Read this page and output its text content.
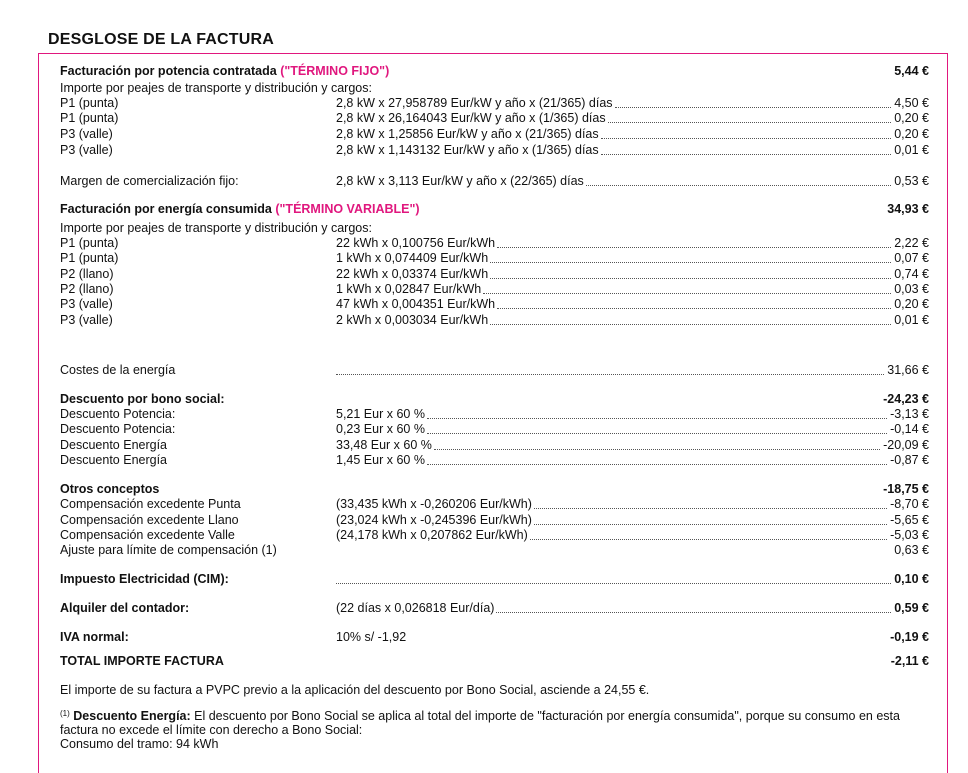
DESGLOSE DE LA FACTURA
Facturación por potencia contratada ("TÉRMINO FIJO")	5,44 €
Importe por peajes de transporte y distribución y cargos:
P1 (punta)	2,8 kW x 27,958789 Eur/kW y año x (21/365) días	4,50 €
P1 (punta)	2,8 kW x 26,164043 Eur/kW y año x (1/365) días	0,20 €
P3 (valle)	2,8 kW x 1,25856 Eur/kW y año x (21/365) días	0,20 €
P3 (valle)	2,8 kW x 1,143132 Eur/kW y año x (1/365) días	0,01 €
Margen de comercialización fijo:	2,8 kW x 3,113 Eur/kW y año x (22/365) días	0,53 €
Facturación por energía consumida ("TÉRMINO VARIABLE")	34,93 €
Importe por peajes de transporte y distribución y cargos:
P1 (punta)	22 kWh x 0,100756 Eur/kWh	2,22 €
P1 (punta)	1 kWh x 0,074409 Eur/kWh	0,07 €
P2 (llano)	22 kWh x 0,03374 Eur/kWh	0,74 €
P2 (llano)	1 kWh x 0,02847 Eur/kWh	0,03 €
P3 (valle)	47 kWh x 0,004351 Eur/kWh	0,20 €
P3 (valle)	2 kWh x 0,003034 Eur/kWh	0,01 €
Costes de la energía	31,66 €
Descuento por bono social:	-24,23 €
Descuento Potencia:	5,21 Eur x 60 %	-3,13 €
Descuento Potencia:	0,23 Eur x 60 %	-0,14 €
Descuento Energía	33,48 Eur x 60 %	-20,09 €
Descuento Energía	1,45 Eur x 60 %	-0,87 €
Otros conceptos	-18,75 €
Compensación excedente Punta	(33,435 kWh x -0,260206 Eur/kWh)	-8,70 €
Compensación excedente Llano	(23,024 kWh x -0,245396 Eur/kWh)	-5,65 €
Compensación excedente Valle	(24,178 kWh x 0,207862 Eur/kWh)	-5,03 €
Ajuste para límite de compensación (1)	0,63 €
Impuesto Electricidad (CIM):	0,10 €
Alquiler del contador:	(22 días x 0,026818 Eur/día)	0,59 €
IVA normal:	10% s/ -1,92	-0,19 €
TOTAL IMPORTE FACTURA	-2,11 €
El importe de su factura a PVPC previo a la aplicación del descuento por Bono Social, asciende a 24,55 €.
$^{(1)}$ Descuento Energía: El descuento por Bono Social se aplica al total del importe de "facturación por energía consumida", porque su consumo en esta factura no excede el límite con derecho a Bono Social:
Consumo del tramo: 94 kWh
